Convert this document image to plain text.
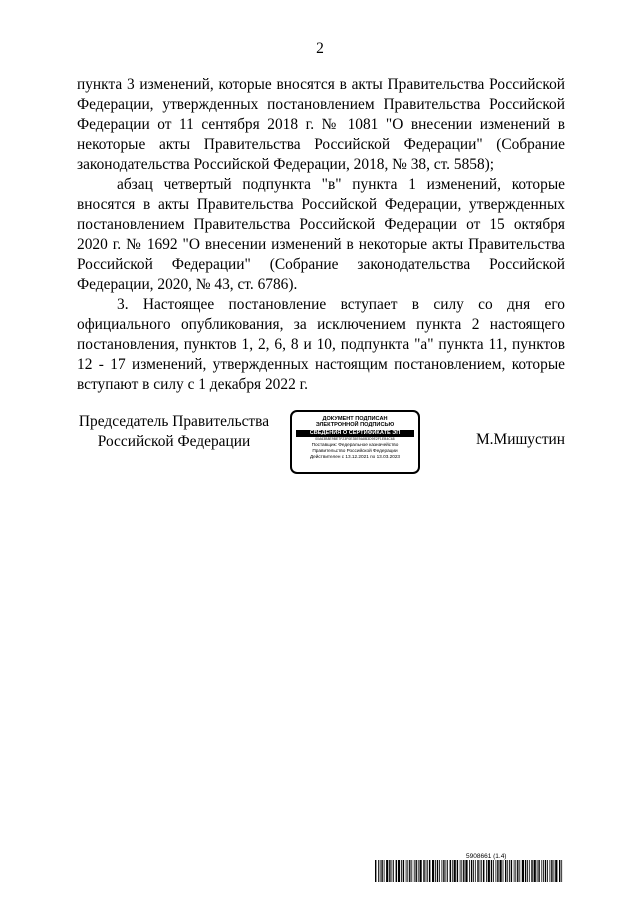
2

пункта 3 изменений, которые вносятся в акты Правительства Российской Федерации, утвержденных постановлением Правительства Российской Федерации от 11 сентября 2018 г. № 1081 "О внесении изменений в некоторые акты Правительства Российской Федерации" (Собрание законодательства Российской Федерации, 2018, № 38, ст. 5858);

абзац четвертый подпункта "в" пункта 1 изменений, которые вносятся в акты Правительства Российской Федерации, утвержденных постановлением Правительства Российской Федерации от 15 октября 2020 г. № 1692 "О внесении изменений в некоторые акты Правительства Российской Федерации" (Собрание законодательства Российской Федерации, 2020, № 43, ст. 6786).

3. Настоящее постановление вступает в силу со дня его официального опубликования, за исключением пункта 2 настоящего постановления, пунктов 1, 2, 6, 8 и 10, подпункта "а" пункта 11, пунктов 12 - 17 изменений, утвержденных настоящим постановлением, которые вступают в силу с 1 декабря 2022 г.

Председатель Правительства
Российской Федерации
ДОКУМЕНТ ПОДПИСАН
ЭЛЕКТРОННОЙ ПОДПИСЬЮ
СВЕДЕНИЯ О СЕРТИФИКАТЕ ЭП
00A63B8E9BE7F23F0E35E9A8B3D9E2F1EB4C68
Поставщик: Федеральное казначейство
Правительство Российской Федерации
Действителен с 13.12.2021 по 13.03.2023
М.Мишустин
5908661 (1.4)
